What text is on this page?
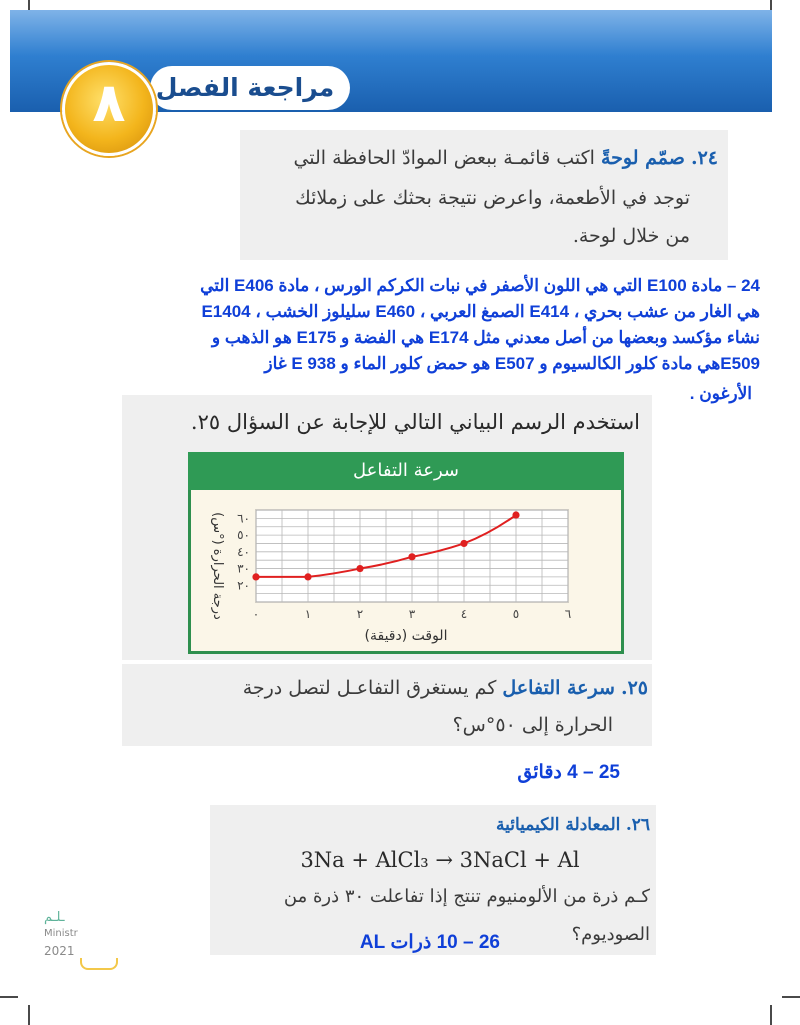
مراجعة الفصل
٨
٢٤. صمّم لوحةً اكتب قائمـة ببعض الموادّ الحافظة التي
توجد في الأطعمة، واعرض نتيجة بحثك على زملائك
من خلال لوحة.
24 – مادة E100 التي هي اللون الأصفر في نبات الكركم الورس ، مادة E406 التي
هي الغار من عشب بحري ، E414 الصمغ العربي ، E460 سليلوز الخشب ، E1404
نشاء مؤكسد وبعضها من أصل معدني مثل E174 هي الفضة و E175 هو الذهب و
E509هي مادة كلور الكالسيوم و E507 هو حمض كلور الماء و E 938 غاز
الأرغون .
استخدم الرسم البياني التالي للإجابة عن السؤال ٢٥.
سرعة التفاعل
٢٠
٣٠
٤٠
٥٠
٦٠
٠	١	٢	٣	٤	٥	٦
الوقت (دقيقة)
درجة الحرارة (°س)
٢٥. سرعة التفاعل كم يستغرق التفاعـل لتصل درجة
الحرارة إلى ٥٠°س؟
25 – 4 دقائق
٢٦. المعادلة الكيميائية
3Na + AlCl₃ → 3NaCl + Al
كـم ذرة من الألومنيوم تنتج إذا تفاعلت ٣٠ ذرة من
الصوديوم؟
26 – 10 ذرات AL
ـلـم
Ministr
2021
